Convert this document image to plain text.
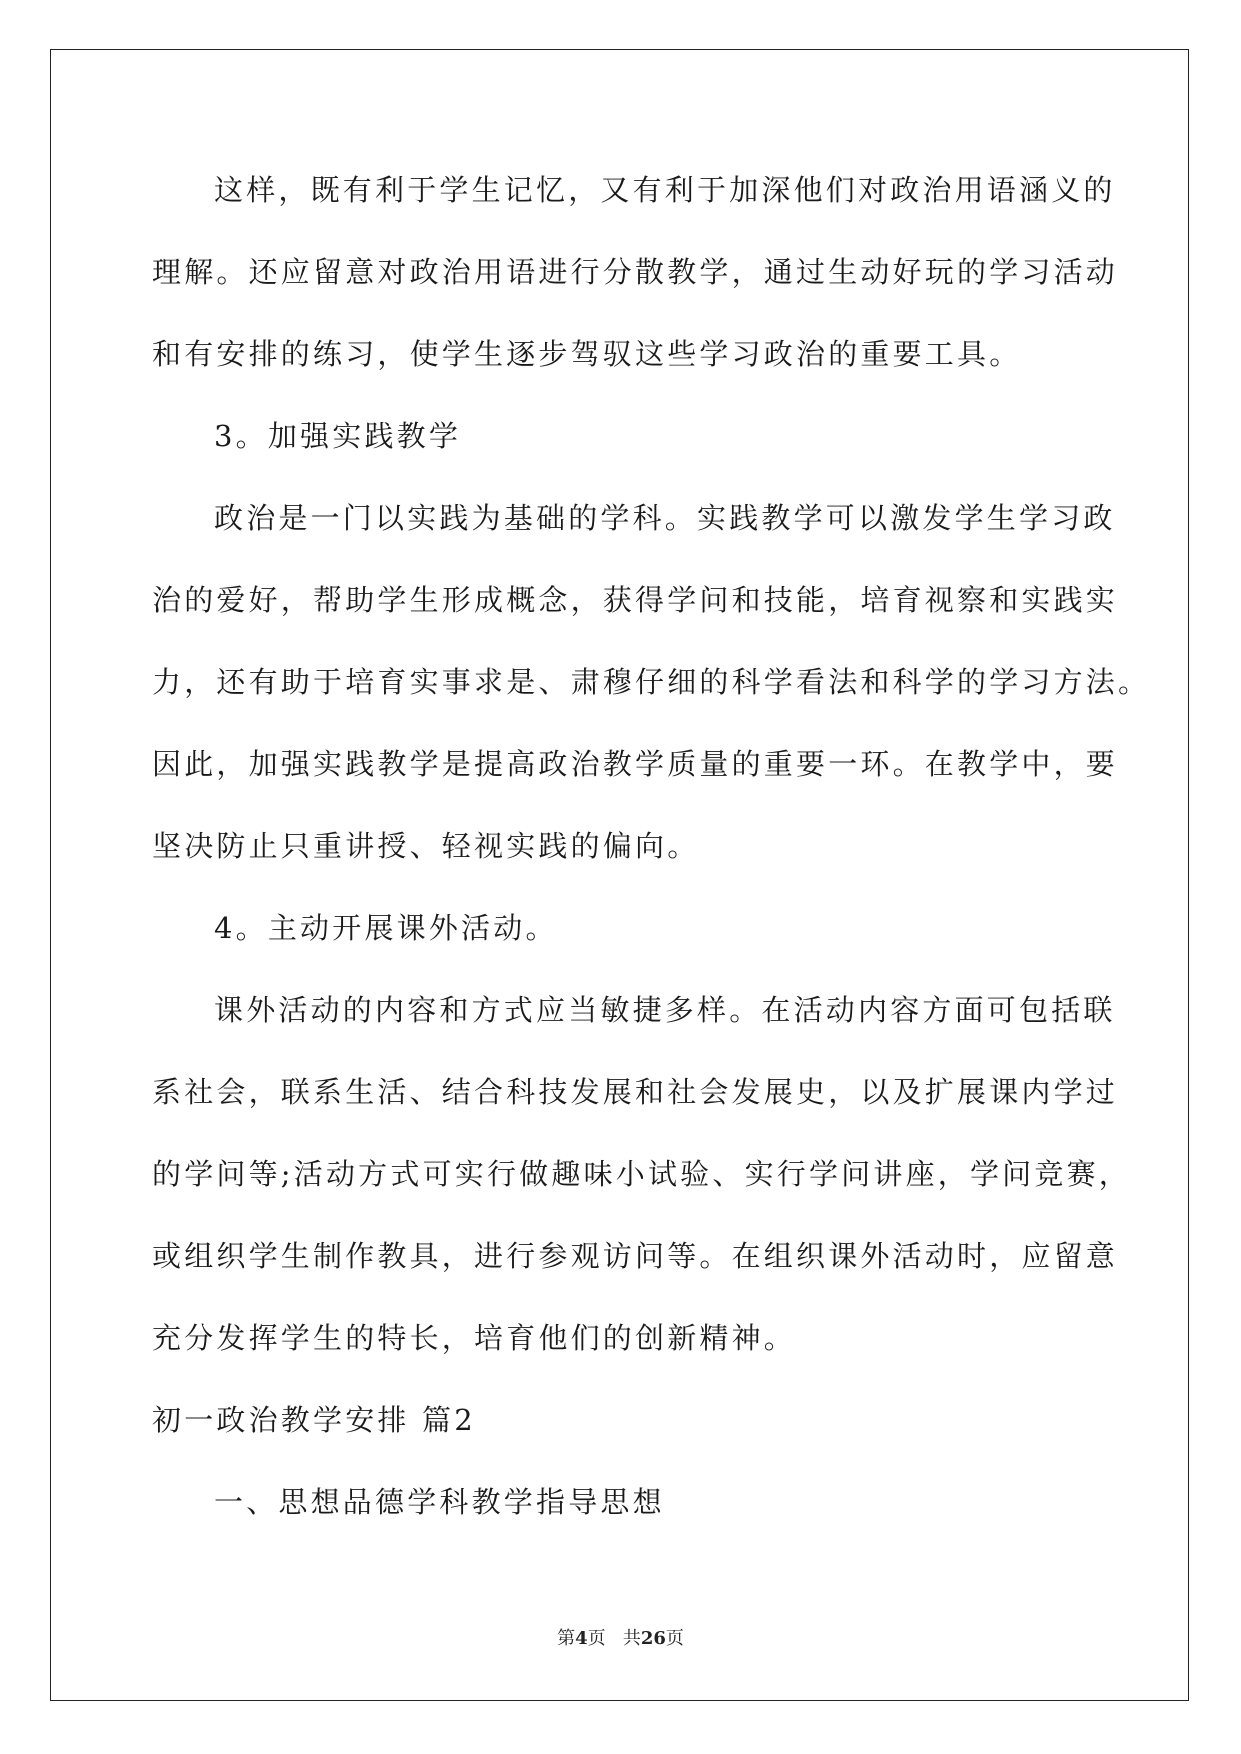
这样，既有利于学生记忆，又有利于加深他们对政治用语涵义的
理解。还应留意对政治用语进行分散教学，通过生动好玩的学习活动
和有安排的练习，使学生逐步驾驭这些学习政治的重要工具。
3。加强实践教学
政治是一门以实践为基础的学科。实践教学可以激发学生学习政
治的爱好，帮助学生形成概念，获得学问和技能，培育视察和实践实
力，还有助于培育实事求是、肃穆仔细的科学看法和科学的学习方法。
因此，加强实践教学是提高政治教学质量的重要一环。在教学中，要
坚决防止只重讲授、轻视实践的偏向。
4。主动开展课外活动。
课外活动的内容和方式应当敏捷多样。在活动内容方面可包括联
系社会，联系生活、结合科技发展和社会发展史，以及扩展课内学过
的学问等;活动方式可实行做趣味小试验、实行学问讲座，学问竞赛，
或组织学生制作教具，进行参观访问等。在组织课外活动时，应留意
充分发挥学生的特长，培育他们的创新精神。
初一政治教学安排 篇2
一、思想品德学科教学指导思想
第4页 共26页
